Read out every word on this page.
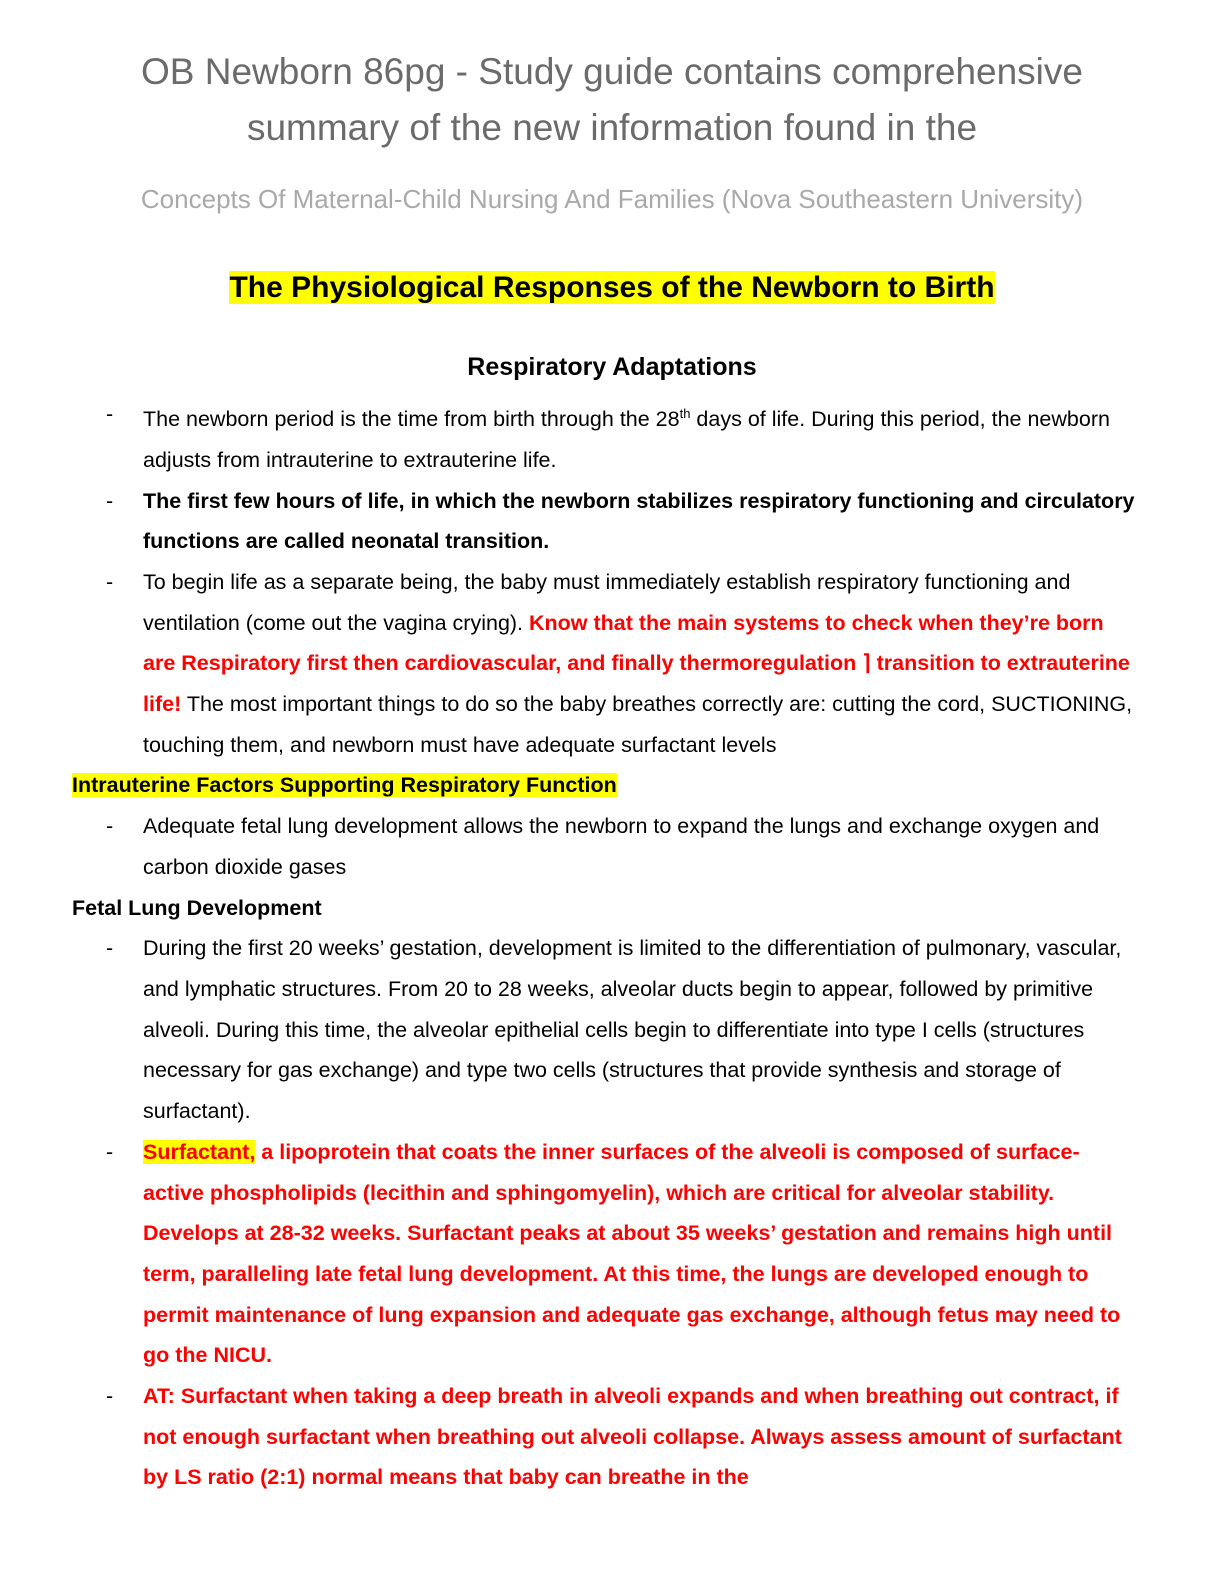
OB Newborn 86pg - Study guide contains comprehensive
summary of the new information found in the
Concepts Of Maternal-Child Nursing And Families (Nova Southeastern University)
The Physiological Responses of the Newborn to Birth
Respiratory Adaptations
- The newborn period is the time from birth through the 28th days of life. During this period, the newborn adjusts from intrauterine to extrauterine life.
- The first few hours of life, in which the newborn stabilizes respiratory functioning and circulatory functions are called neonatal transition.
- To begin life as a separate being, the baby must immediately establish respiratory functioning and ventilation (come out the vagina crying). Know that the main systems to check when they’re born are Respiratory first then cardiovascular, and finally thermoregulation ⌉ transition to extrauterine life! The most important things to do so the baby breathes correctly are: cutting the cord, SUCTIONING, touching them, and newborn must have adequate surfactant levels
Intrauterine Factors Supporting Respiratory Function
- Adequate fetal lung development allows the newborn to expand the lungs and exchange oxygen and carbon dioxide gases
Fetal Lung Development
- During the first 20 weeks’ gestation, development is limited to the differentiation of pulmonary, vascular, and lymphatic structures. From 20 to 28 weeks, alveolar ducts begin to appear, followed by primitive alveoli. During this time, the alveolar epithelial cells begin to differentiate into type I cells (structures necessary for gas exchange) and type two cells (structures that provide synthesis and storage of surfactant).
- Surfactant, a lipoprotein that coats the inner surfaces of the alveoli is composed of surface-active phospholipids (lecithin and sphingomyelin), which are critical for alveolar stability. Develops at 28-32 weeks. Surfactant peaks at about 35 weeks’ gestation and remains high until term, paralleling late fetal lung development. At this time, the lungs are developed enough to permit maintenance of lung expansion and adequate gas exchange, although fetus may need to go the NICU.
- AT: Surfactant when taking a deep breath in alveoli expands and when breathing out contract, if not enough surfactant when breathing out alveoli collapse. Always assess amount of surfactant by LS ratio (2:1) normal means that baby can breathe in the
